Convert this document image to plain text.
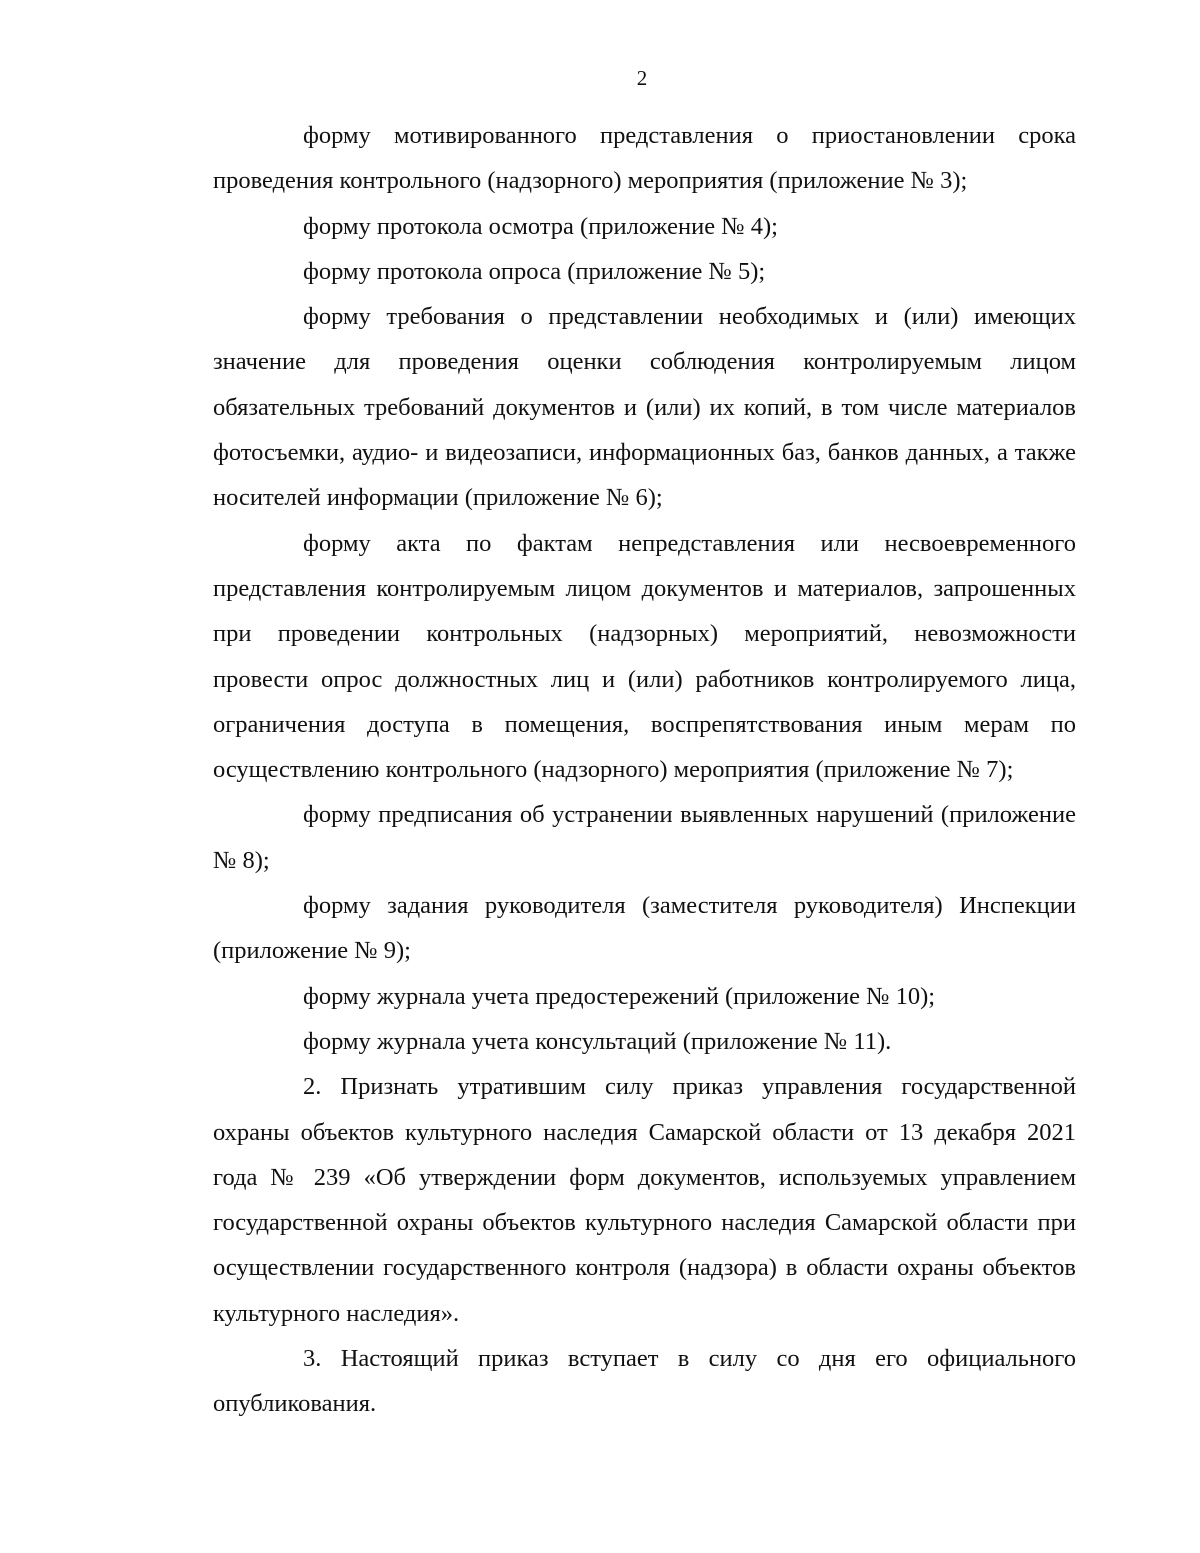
2

форму мотивированного представления о приостановлении срока проведения контрольного (надзорного) мероприятия (приложение № 3);

форму протокола осмотра (приложение № 4);

форму протокола опроса (приложение № 5);

форму требования о представлении необходимых и (или) имеющих значение для проведения оценки соблюдения контролируемым лицом обязательных требований документов и (или) их копий, в том числе материалов фотосъемки, аудио- и видеозаписи, информационных баз, банков данных, а также носителей информации (приложение № 6);

форму акта по фактам непредставления или несвоевременного представления контролируемым лицом документов и материалов, запрошенных при проведении контрольных (надзорных) мероприятий, невозможности провести опрос должностных лиц и (или) работников контролируемого лица, ограничения доступа в помещения, воспрепятствования иным мерам по осуществлению контрольного (надзорного) мероприятия (приложение № 7);

форму предписания об устранении выявленных нарушений (приложение № 8);

форму задания руководителя (заместителя руководителя) Инспекции (приложение № 9);

форму журнала учета предостережений (приложение № 10);

форму журнала учета консультаций (приложение № 11).

2. Признать утратившим силу приказ управления государственной охраны объектов культурного наследия Самарской области от 13 декабря 2021 года № 239 «Об утверждении форм документов, используемых управлением государственной охраны объектов культурного наследия Самарской области при осуществлении государственного контроля (надзора) в области охраны объектов культурного наследия».

3. Настоящий приказ вступает в силу со дня его официального опубликования.
